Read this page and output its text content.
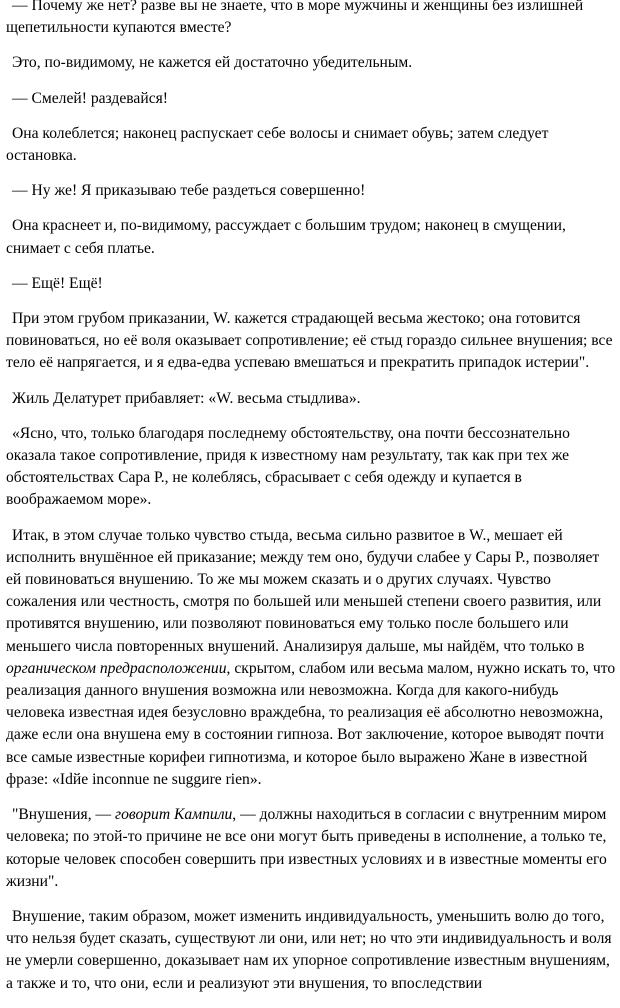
— Почему же нет? разве вы не знаете, что в море мужчины и женщины без излишней щепетильности купаются вместе?

Это, по-видимому, не кажется ей достаточно убедительным.

— Смелей! раздевайся!

Она колеблется; наконец распускает себе волосы и снимает обувь; затем следует остановка.

— Ну же! Я приказываю тебе раздеться совершенно!

Она краснеет и, по-видимому, рассуждает с большим трудом; наконец в смущении, снимает с себя платье.

— Ещё! Ещё!

При этом грубом приказании, W. кажется страдающей весьма жестоко; она готовится повиноваться, но её воля оказывает сопротивление; её стыд гораздо сильнее внушения; все тело её напрягается, и я едва-едва успеваю вмешаться и прекратить припадок истерии".

Жиль Делатурет прибавляет: «W. весьма стыдлива».

«Ясно, что, только благодаря последнему обстоятельству, она почти бессознательно оказала такое сопротивление, придя к известному нам результату, так как при тех же обстоятельствах Сара Р., не колеблясь, сбрасывает с себя одежду и купается в воображаемом море».

Итак, в этом случае только чувство стыда, весьма сильно развитое в W., мешает ей исполнить внушённое ей приказание; между тем оно, будучи слабее у Сары Р., позволяет ей повиноваться внушению. То же мы можем сказать и о других случаях. Чувство сожаления или честность, смотря по большей или меньшей степени своего развития, или противятся внушению, или позволяют повиноваться ему только после большего или меньшего числа повторенных внушений. Анализируя дальше, мы найдём, что только в органическом предрасположении, скрытом, слабом или весьма малом, нужно искать то, что реализация данного внушения возможна или невозможна. Когда для какого-нибудь человека известная идея безусловно враждебна, то реализация её абсолютно невозможна, даже если она внушена ему в состоянии гипноза. Вот заключение, которое выводят почти все самые известные корифеи гипнотизма, и которое было выражено Жане в известной фразе: «Idйe inconnue ne suggиre rien».

"Внушения, — говорит Кампили, — должны находиться в согласии с внутренним миром человека; по этой-то причине не все они могут быть приведены в исполнение, а только те, которые человек способен совершить при известных условиях и в известные моменты его жизни".

Внушение, таким образом, может изменить индивидуальность, уменьшить волю до того, что нельзя будет сказать, существуют ли они, или нет; но что эти индивидуальность и воля не умерли совершенно, доказывает нам их упорное сопротивление известным внушениям, а также и то, что они, если и реализуют эти внушения, то впоследствии
